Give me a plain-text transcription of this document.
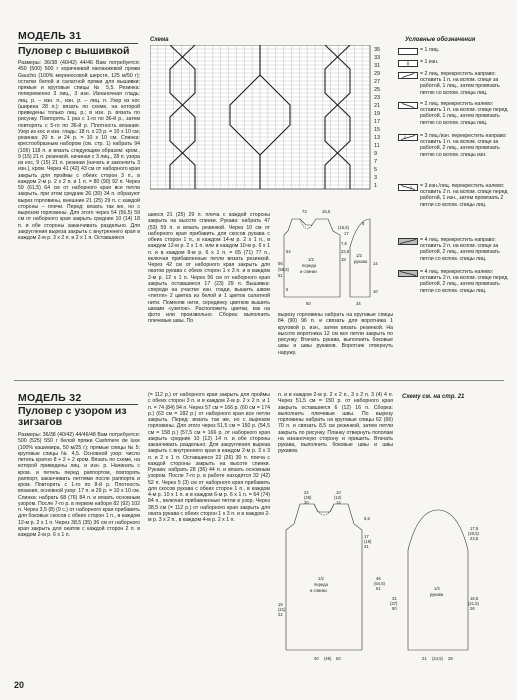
МОДЕЛЬ 31
Пуловер с вышивкой

Размеры: 36/38 (40/42) 44/46 Вам потребуется: 450 (500) 500 г коричневой меланжевой пряжи Gaucho (100% мериносовой шерсти, 125 м/50 г); остатки белой и салатной пряжи для вышивки; прямые и круговые спицы № 5,5. Резинка: попеременно 3 лиц., 3 изн. Изнаночная гладь: лиц. р. – изн. п., изн. р. – лиц. п. Узор из кос (ширина 28 п.): вязать по схеме, на которой приведены только лиц. р.; в изн. р. вязать по рисунку. Повторять 1 раз с 1-го по 36-й р., затем повторять с 5-го по 36-й р. Плотность вязания. Узор из кос и изн. гладь: 18 п. х 23 р. = 10 х 10 см; резинка: 20 п. и 24 р. = 10 х 10 см. Спинка: крестообразным набором (см. стр. 1) набрать 94 (106) 118 п. и вязать следующим образом: кром., 9 (15) 21 п. резинкой, начиная с 3 лиц., 28 п. узора из кос, 9 (15) 21 п. резинки (начать и закончить 3 изн.), кром. Через 41 (42) 43 см от наборного края закрыть для проймы с обеих сторон 3 п., в каждом 2-м р. 2 х 2 п. и 1 п. = 80 (90) 92 п. Через 59 (61,5) 64 см от наборного края все петли закрыть, при этом средние 26 (30) 34 п. образуют вырез горловины, внешние 21 (25) 29 п. с каждой стороны – плечи. Перед: вязать так же, но с вырезом горловины. Для этого через 54 (56,5) 59 см от наборного края закрыть средние 10 (14) 18 п. и обе стороны заканчивать раздельно. Для закругления выреза закрыть с внутреннего края в каждом 2-м р. 3 х 2 п. и 2 х 1 п. Оставшиеся

шиеся 21 (25) 29 п. плеча с каждой стороны закрыть на высоте спинки. Рукава: набрать 47 (53) 59 п. и вязать резинкой. Через 10 см от наборного края прибавить для скосов рукава с обеих сторон 1 п., в каждом 14-м р. 2 х 1 п., в каждом 12-м р. 2 х 1 п. или в каждом 10-м р. 6 х 1 п. и в каждом 8-м р. 6 х 1 п. = 65 (71) 77 п., включая прибавленные петли вязать резинкой. Через 42 см от наборного края закрыть для окатов рукава с обеих сторон 1 х 3 п. и в каждом 2-м р. 12 х 1 п. Через 56 см от наборного края закрыть оставшиеся 17 (23) 29 п. Вышивка: спереди на участке изн. глади, вышить швом «петля» 2 цветка из белой и 1 цветок салатной нити. Поменяв нити, серединку цветков вышить швами «узелок». Расположить цветки, как на фото или произвольно. Сборка: выполнить плечевые швы. По

вырезу горловины набрать на круговые спицы 84 (90) 96 п. и связать для воротника 1 круговой р. изн., затем вязать резинкой. На высоте воротника 12 см все петли закрыть по рисунку. Втачать рукава, выполнить боковые швы и швы рукавов. Воротник отвернуть наружу.

Схема
35
33
31
29
27
25
23
21
19
17
15
13
11
9
7
5
3
1
Условные обозначения
= 1 лиц.
= 1 изн.
= 2 лиц. перекрестить направо: оставить 1 п. на вспом. спице за работой, 1 лиц., затем провязать петлю со вспом. спицы лиц.
= 2 лиц. перекрестить налево: оставить 1 п. на вспом. спице перед работой, 1 лиц., затем провязать петлю со вспом. спицы лиц.
= 3 лиц./изн. перекрестить направо: оставить 1 п. на вспом. спице за работой, 2 лиц., затем провязать петлю со вспом. спицы изн.
= 3 изн./лиц. перекрестить налево: оставить 2 п. на вспом. спице перед работой, 1 изн., затем провязать 2 петли со вспом. спицы лиц.
= 4 лиц. перекрестить направо: оставить 2 п. на вспом. спице за работой, 2 лиц., затем провязать петли со вспом. спицы лиц.
= 4 лиц. перекрестить налево: оставить 2 п. на вспом. спице перед работой, 2 лиц., затем провязать петли со вспом. спицы лиц.
73	16,5
17
7,5
23,5
18
56
(58,5)
61
54
50	34
10
14
5
8
(16,5)
1/2
переда
и спинки
1/2
рукава
МОДЕЛЬ 32
Пуловер с узором из зигзагов

Размеры: 36/38 (40/42) 44/46/48 Вам потребуется: 500 (525) 550 г белой пряжи Cashmere de luxe (100% кашемира, 50 м/25 г); прямые спицы № 5; круговые спицы № 4,5. Основной узор: число петель кратно 8 + 2 + 2 кром. Вязать по схеме, на которой приведены лиц. и изн. р. Начинать с кром. и петель перед раппортом, повторять раппорт, заканчивать петлями после раппорта и кром. Повторять с 1-го по 8-й р. Плотность вязания, основной узор: 17 п. и 29 р. = 10 х 10 см. Спинка: набрать 68 (76) 84 п. и вязать основным узором. После 7-го р. в первом наборе 82 (92) 102 п. Через 3,5 (8) (9 с.) от наборного края прибавить для боковых скосов с обеих сторон 1 п., в каждом 12-м р. 2 х 1 п. Через 38,5 (35) 36 см от наборного края закрыть для окатов с каждой сторон 2 п. в каждом 2-м р. 6 х 1 п.

(= 112 р.) от наборного края закрыть для проймы с обеих сторон 3 п. и в каждом 2-м р. 2 х 2 п. и 1 п. = 74 (84) 94 п. Через 57 см = 166 р. (60 см = 174 р.) (63 см = 182 р.) от наборного края все петли закрыть. Перед: вязать так же, но с вырезом горловины. Для этого через 51,5 см = 150 р. (54,5 см = 158 р.) (57,5 см = 166 р. от наборного края закрыть средние 10 (12) 14 п. и обе стороны заканчивать раздельно. Для закругления выреза закрыть с внутреннего края в каждом 2-м р. 3 х 3 п. и 2 х 1 п. Оставшиеся 22 (26) 30 п. плеча с каждой стороны закрыть на высоте спинки. Рукава: набрать 28 (36) 44 п. и вязать основным узором. После 7-го р. в работе находятся 32 (42) 52 п. Через 5 (3) см от наборного края прибавить для скосов рукава с обеих сторон 1 п., в каждом 4-м р. 10 х 1 п. и в каждом 6-м р. 6 х 1 п. = 64 (74) 84 п., включая прибавленные петли в узор. Через 38,5 см (= 112 р.) от наборного края закрыть для оката рукава с обеих сторон 1 х 3 п. и в каждом 2-м р. 3 х 2 п., в каждом 4-м р. 2 х 1 п.

п. и в каждом 2-м р. 2 х 2 п., 3 х 2 п. 3 (4) 4 п. Через 51,5 см = 150 р. от наборного края закрыть оставшиеся 6 (12) 16 п. Сборка: выполнить плечевые швы. По вырезу горловины набрать на круговые спицы 62 (66) 70 п. и связать 8,5 см резинкой, затем петли закрыть по рисунку. Планку отвернуть пополам на изнаночную сторону и пришить. Втачать рукава, выполнить боковые швы и швы рукавов.

Схему см. на стр. 21
22
(26)
30
10
(12)
14
5,5
17
(19)
21
1/2
переда
и спинки
19
(21)
22
40 (45) 50
48
(54,5)
61
31
(37)
50
21 (24,5) 28
1/2
рукава
17,5
(20,5)
23,5
16,5
(21,5)
26
20
